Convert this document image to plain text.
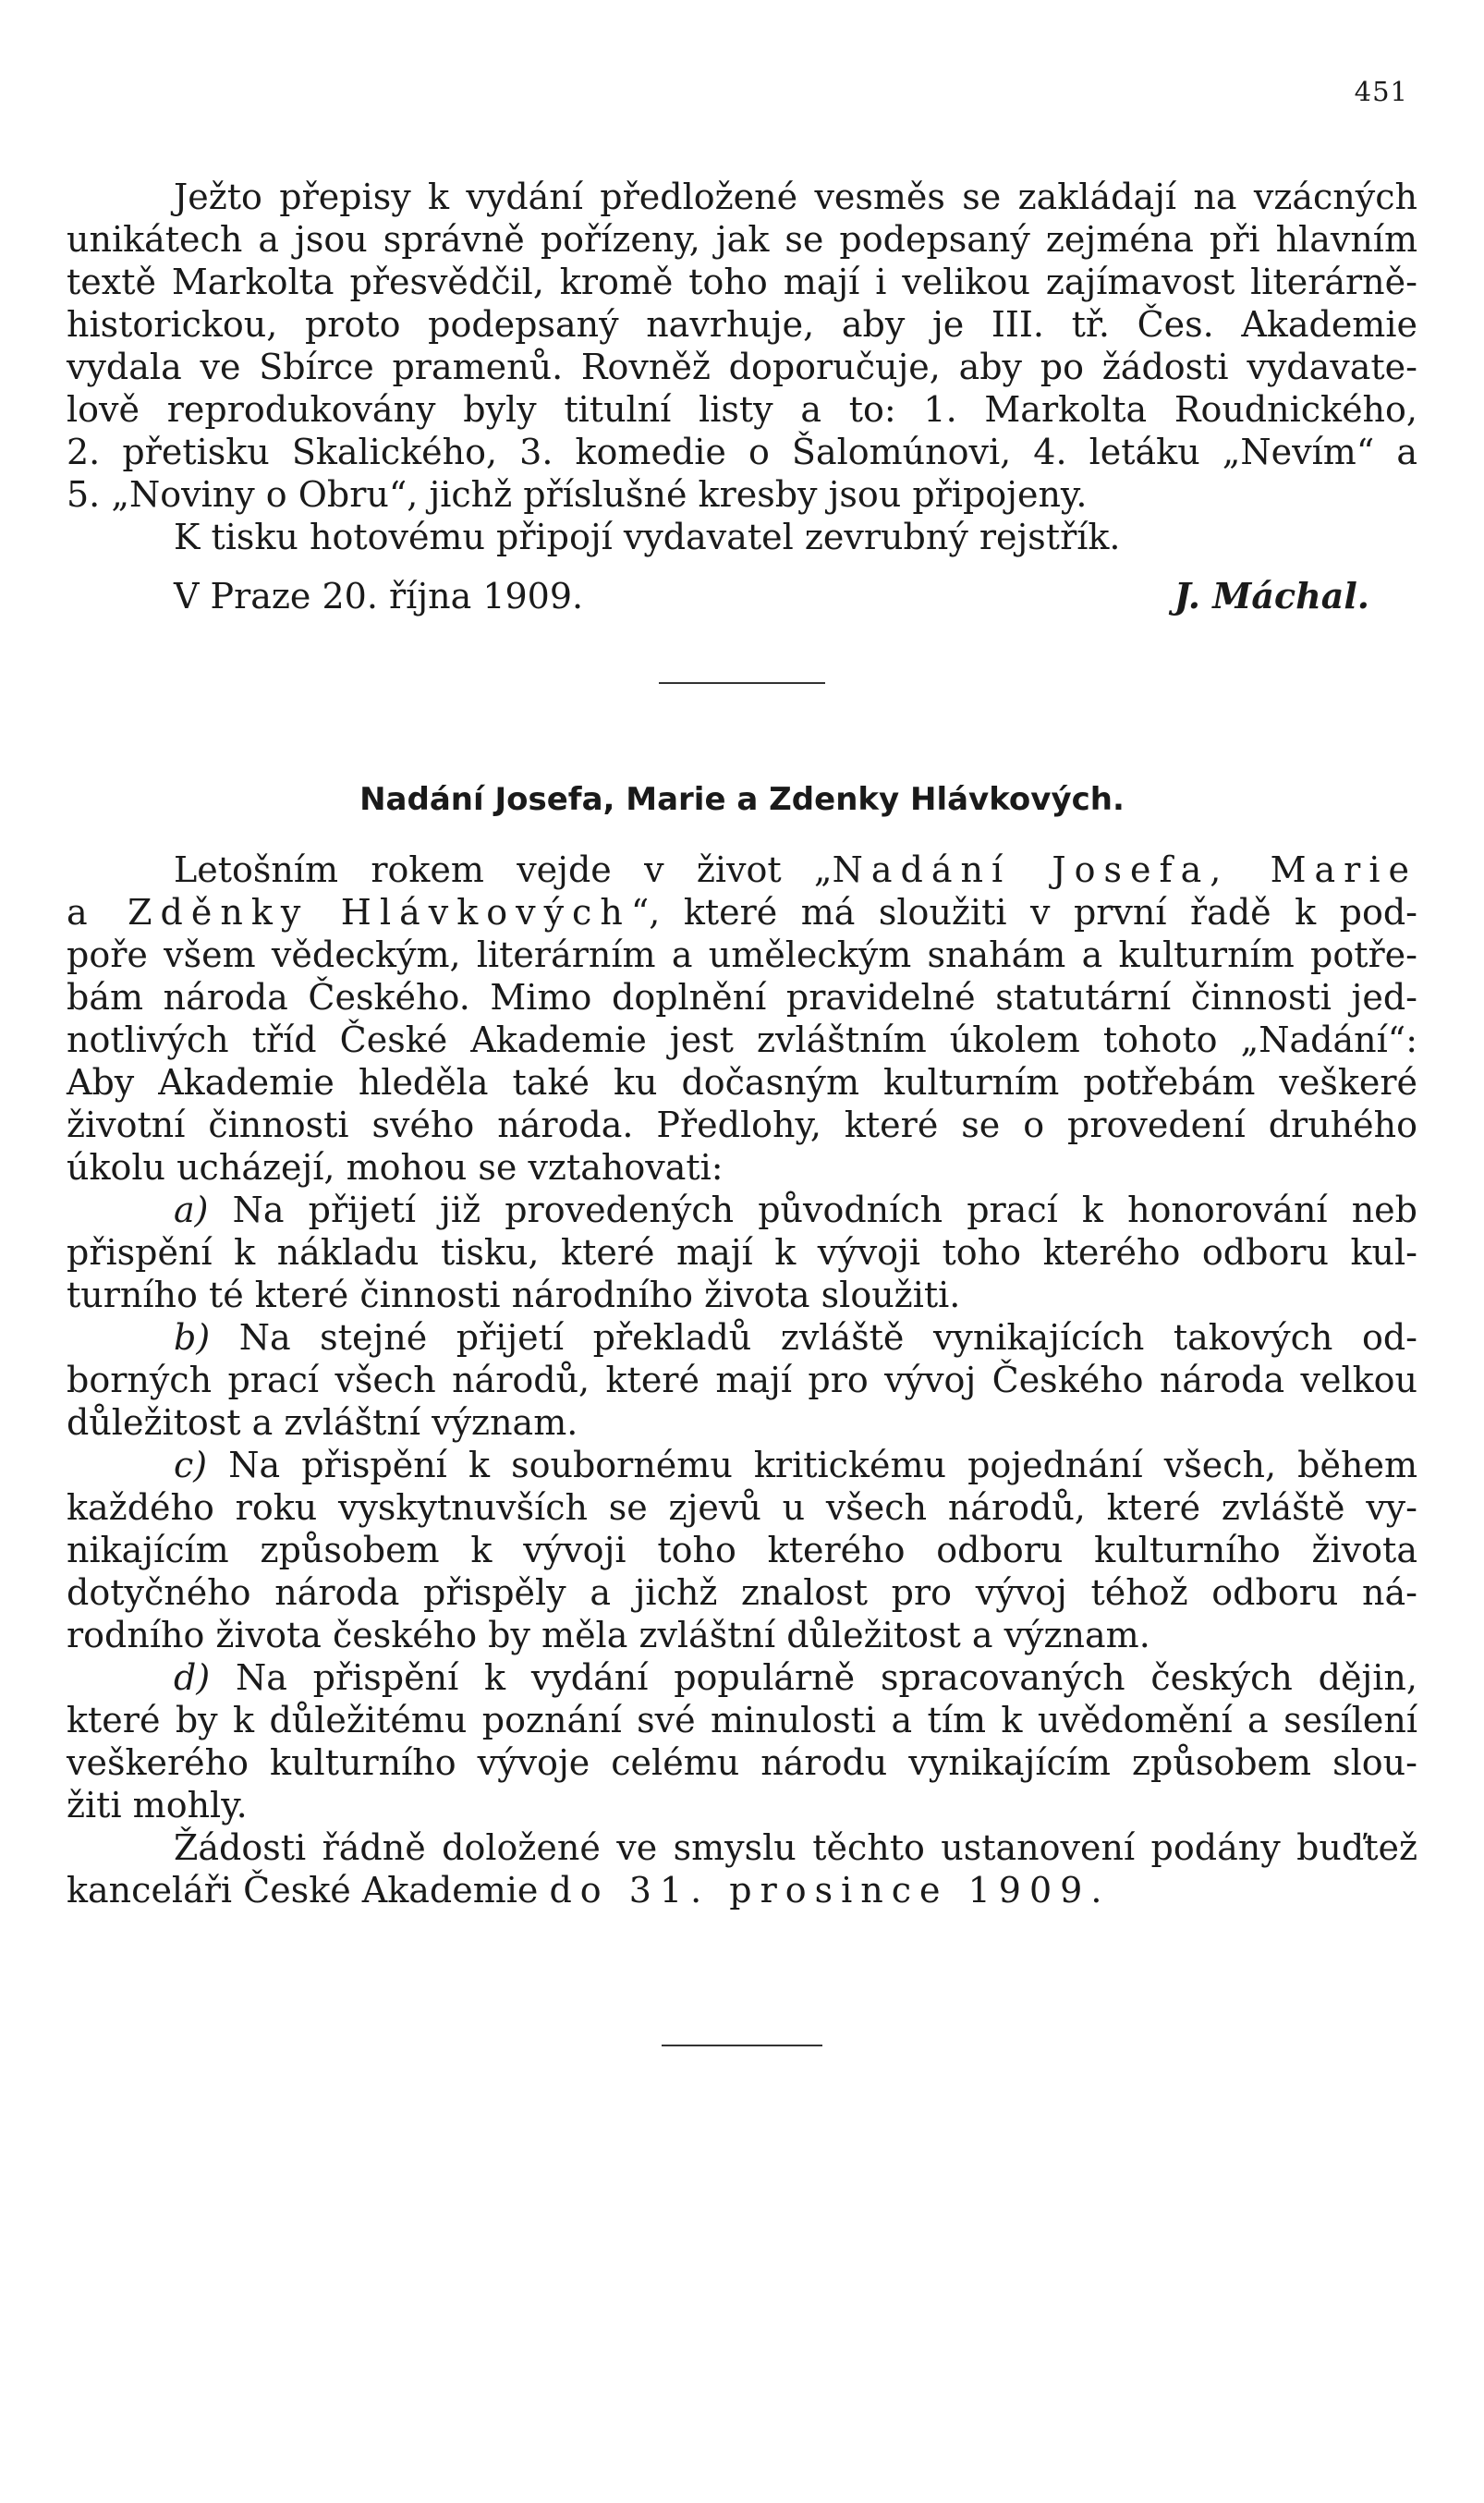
451
Ježto přepisy k vydání předložené vesměs se zakládají na vzácných
unikátech a jsou správně pořízeny, jak se podepsaný zejména při hlavním
textě Markolta přesvědčil, kromě toho mají i velikou zajímavost literárně-
historickou, proto podepsaný navrhuje, aby je III. tř. Čes. Akademie
vydala ve Sbírce pramenů. Rovněž doporučuje, aby po žádosti vydavate-
lově reprodukovány byly titulní listy a to: 1. Markolta Roudnického,
2. přetisku Skalického, 3. komedie o Šalomúnovi, 4. letáku „Nevím“ a
5. „Noviny o Obru“, jichž příslušné kresby jsou připojeny.
K tisku hotovému připojí vydavatel zevrubný rejstřík.
V Praze 20. října 1909.	J. Máchal.
Nadání Josefa, Marie a Zdenky Hlávkových.
Letošním rokem vejde v život „Nadání Josefa, Marie
a Zděnky Hlávkových“, které má sloužiti v první řadě k pod-
poře všem vědeckým, literárním a uměleckým snahám a kulturním potře-
bám národa Českého. Mimo doplnění pravidelné statutární činnosti jed-
notlivých tříd České Akademie jest zvláštním úkolem tohoto „Nadání“:
Aby Akademie hleděla také ku dočasným kulturním potřebám veškeré
životní činnosti svého národa. Předlohy, které se o provedení druhého
úkolu ucházejí, mohou se vztahovati:
a) Na přijetí již provedených původních prací k honorování neb
přispění k nákladu tisku, které mají k vývoji toho kterého odboru kul-
turního té které činnosti národního života sloužiti.
b) Na stejné přijetí překladů zvláště vynikajících takových od-
borných prací všech národů, které mají pro vývoj Českého národa velkou
důležitost a zvláštní význam.
c) Na přispění k soubornému kritickému pojednání všech, během
každého roku vyskytnuvších se zjevů u všech národů, které zvláště vy-
nikajícím způsobem k vývoji toho kterého odboru kulturního života
dotyčného národa přispěly a jichž znalost pro vývoj téhož odboru ná-
rodního života českého by měla zvláštní důležitost a význam.
d) Na přispění k vydání populárně spracovaných českých dějin,
které by k důležitému poznání své minulosti a tím k uvědomění a sesílení
veškerého kulturního vývoje celému národu vynikajícím způsobem slou-
žiti mohly.
Žádosti řádně doložené ve smyslu těchto ustanovení podány buďtež
kanceláři České Akademie do 31. prosince 1909.
